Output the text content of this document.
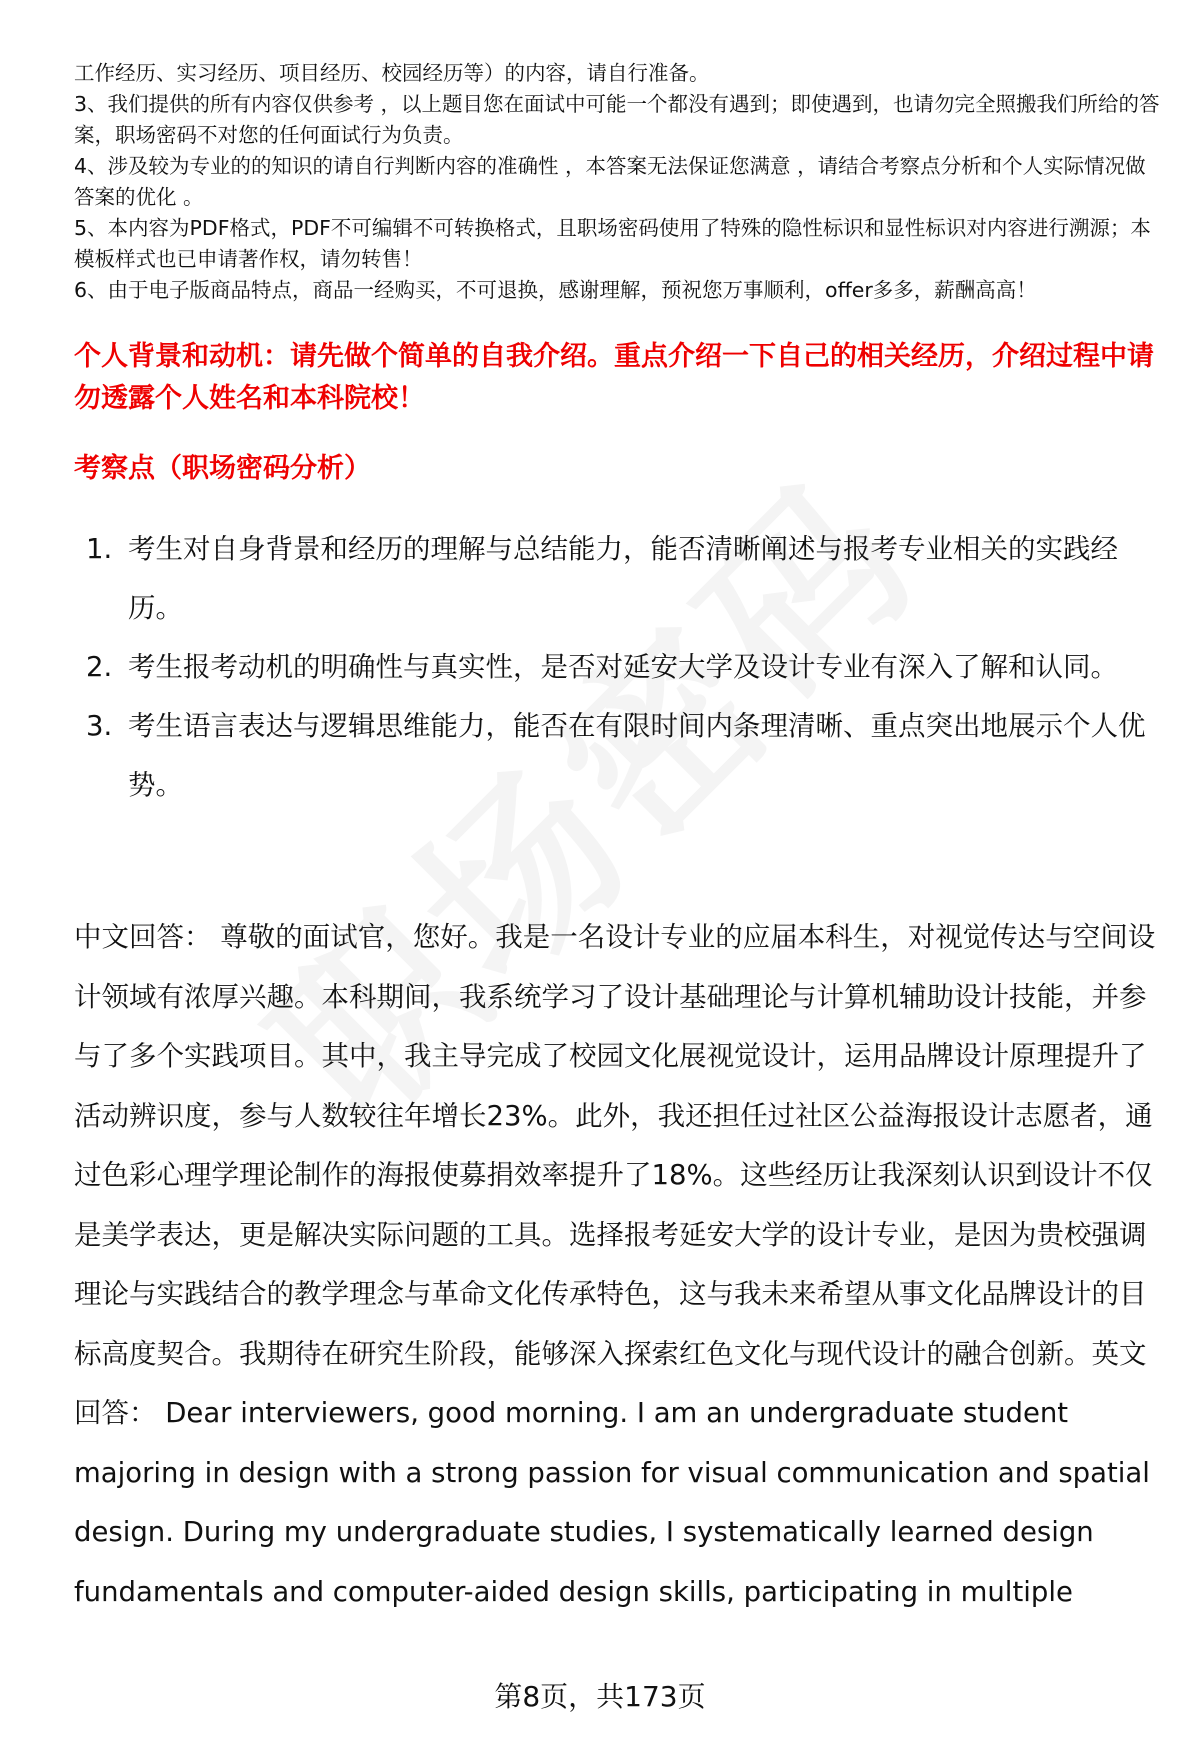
工作经历、实习经历、项目经历、校园经历等）的内容，请自行准备。

3、我们提供的所有内容仅供参考 ，以上题目您在面试中可能一个都没有遇到；即使遇到，也请勿完全照搬我们所给的答案，职场密码不对您的任何面试行为负责。

4、涉及较为专业的的知识的请自行判断内容的准确性 ，本答案无法保证您满意 ，请结合考察点分析和个人实际情况做答案的优化 。

5、本内容为PDF格式，PDF不可编辑不可转换格式，且职场密码使用了特殊的隐性标识和显性标识对内容进行溯源；本模板样式也已申请著作权，请勿转售！

6、由于电子版商品特点，商品一经购买，不可退换，感谢理解，预祝您万事顺利，offer多多，薪酬高高！

个人背景和动机：请先做个简单的自我介绍。重点介绍一下自己的相关经历，介绍过程中请勿透露个人姓名和本科院校！

考察点（职场密码分析）

1. 考生对自身背景和经历的理解与总结能力，能否清晰阐述与报考专业相关的实践经历。
2. 考生报考动机的明确性与真实性，是否对延安大学及设计专业有深入了解和认同。
3. 考生语言表达与逻辑思维能力，能否在有限时间内条理清晰、重点突出地展示个人优势。

中文回答： 尊敬的面试官，您好。我是一名设计专业的应届本科生，对视觉传达与空间设计领域有浓厚兴趣。本科期间，我系统学习了设计基础理论与计算机辅助设计技能，并参与了多个实践项目。其中，我主导完成了校园文化展视觉设计，运用品牌设计原理提升了活动辨识度，参与人数较往年增长23%。此外，我还担任过社区公益海报设计志愿者，通过色彩心理学理论制作的海报使募捐效率提升了18%。这些经历让我深刻认识到设计不仅是美学表达，更是解决实际问题的工具。选择报考延安大学的设计专业，是因为贵校强调理论与实践结合的教学理念与革命文化传承特色，这与我未来希望从事文化品牌设计的目标高度契合。我期待在研究生阶段，能够深入探索红色文化与现代设计的融合创新。英文回答： Dear interviewers, good morning. I am an undergraduate student majoring in design with a strong passion for visual communication and spatial design. During my undergraduate studies, I systematically learned design fundamentals and computer-aided design skills, participating in multiple

第8页，共173页
